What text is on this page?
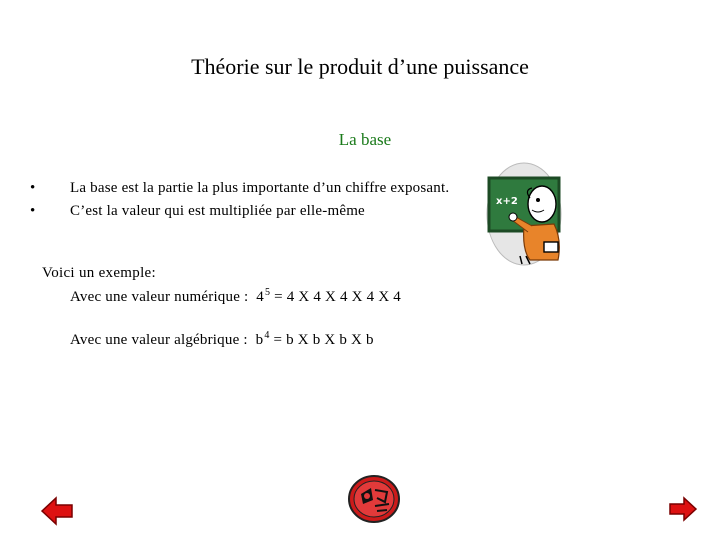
Théorie sur le produit d’une puissance
La base
• La base est la partie la plus importante d’un chiffre exposant.
• C’est la valeur qui est multipliée par elle-même
x+2
Voici un exemple:
Avec une valeur numérique : $4^5 = 4$ X 4 X 4 X 4 X 4
Avec une valeur algébrique : $b^4 = b$ X b X b X b
